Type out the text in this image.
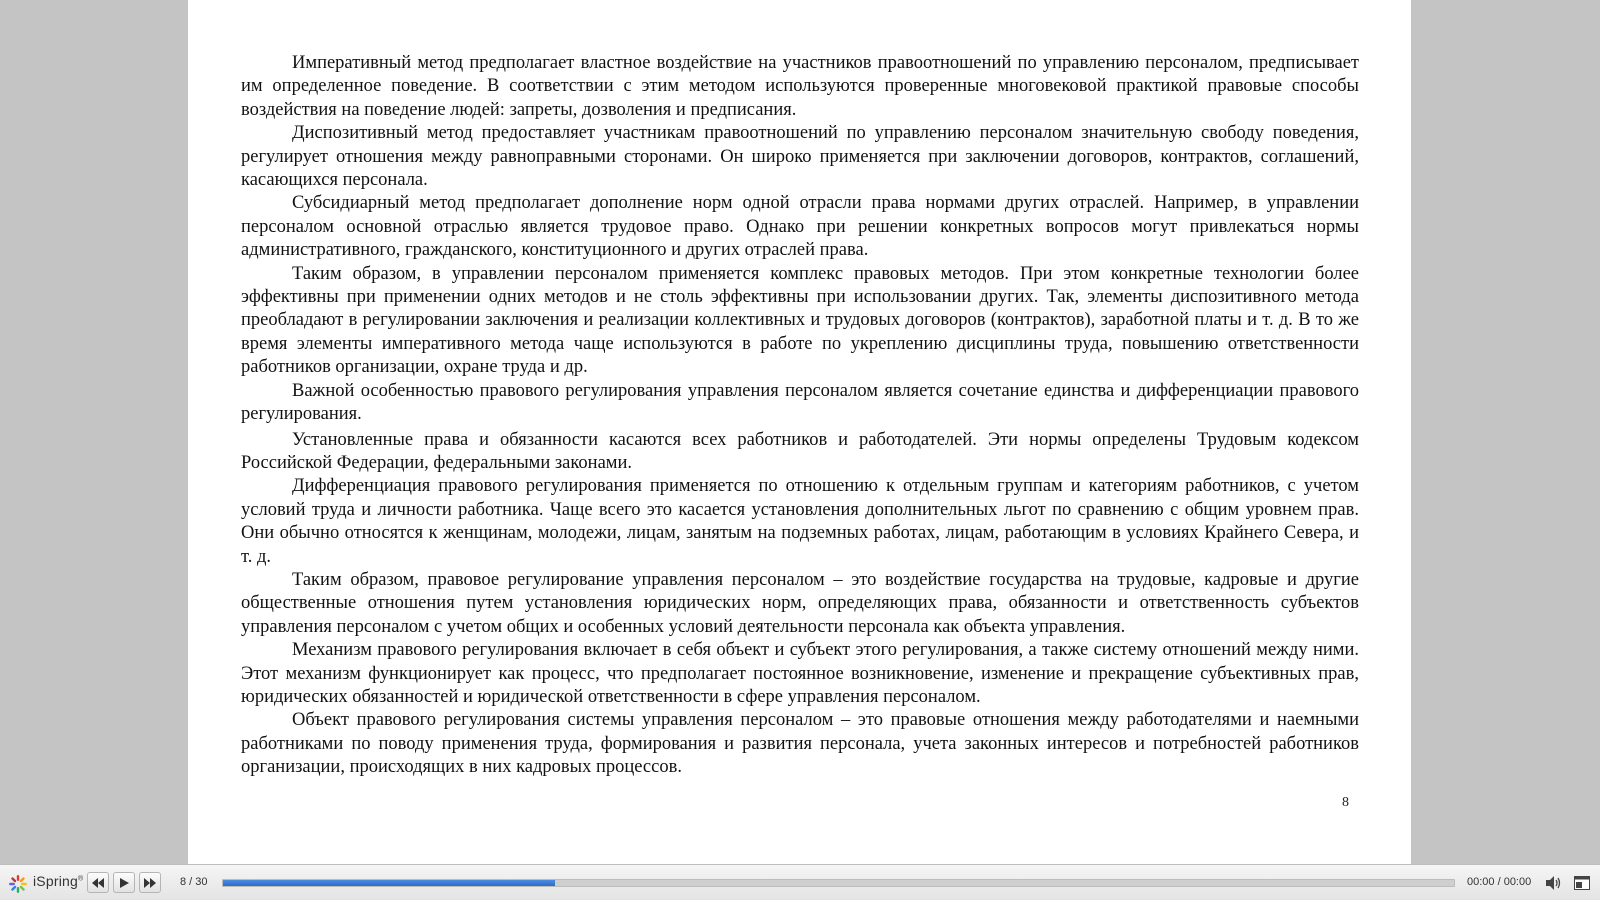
Императивный метод предполагает властное воздействие на участников правоотношений по управлению персоналом, предписывает им определенное поведение. В соответствии с этим методом используются проверенные многовековой практикой правовые способы воздействия на поведение людей: запреты, дозволения и предписания.

Диспозитивный метод предоставляет участникам правоотношений по управлению персоналом значительную свободу поведения, регулирует отношения между равноправными сторонами. Он широко применяется при заключении договоров, контрактов, соглашений, касающихся персонала.

Субсидиарный метод предполагает дополнение норм одной отрасли права нормами других отраслей. Например, в управлении персоналом основной отраслью является трудовое право. Однако при решении конкретных вопросов могут привлекаться нормы административного, гражданского, конституционного и других отраслей права.

Таким образом, в управлении персоналом применяется комплекс правовых методов. При этом конкретные технологии более эффективны при применении одних методов и не столь эффективны при использовании других. Так, элементы диспозитивного метода преобладают в регулировании заключения и реализации коллективных и трудовых договоров (контрактов), заработной платы и т. д. В то же время элементы императивного метода чаще используются в работе по укреплению дисциплины труда, повышению ответственности работников организации, охране труда и др.

Важной особенностью правового регулирования управления персоналом является сочетание единства и дифференциации правового регулирования.

Установленные права и обязанности касаются всех работников и работодателей. Эти нормы определены Трудовым кодексом Российской Федерации, федеральными законами.

Дифференциация правового регулирования применяется по отношению к отдельным группам и категориям работников, с учетом условий труда и личности работника. Чаще всего это касается установления дополнительных льгот по сравнению с общим уровнем прав. Они обычно относятся к женщинам, молодежи, лицам, занятым на подземных работах, лицам, работающим в условиях Крайнего Севера, и т. д.

Таким образом, правовое регулирование управления персоналом – это воздействие государства на трудовые, кадровые и другие общественные отношения путем установления юридических норм, определяющих права, обязанности и ответственность субъектов управления персоналом с учетом общих и особенных условий деятельности персонала как объекта управления.

Механизм правового регулирования включает в себя объект и субъект этого регулирования, а также систему отношений между ними. Этот механизм функционирует как процесс, что предполагает постоянное возникновение, изменение и прекращение субъективных прав, юридических обязанностей и юридической ответственности в сфере управления персоналом.

Объект правового регулирования системы управления персоналом – это правовые отношения между работодателями и наемными работниками по поводу применения труда, формирования и развития персонала, учета законных интересов и потребностей работников организации, происходящих в них кадровых процессов.

8
iSpring®	8 / 30	00:00 / 00:00
